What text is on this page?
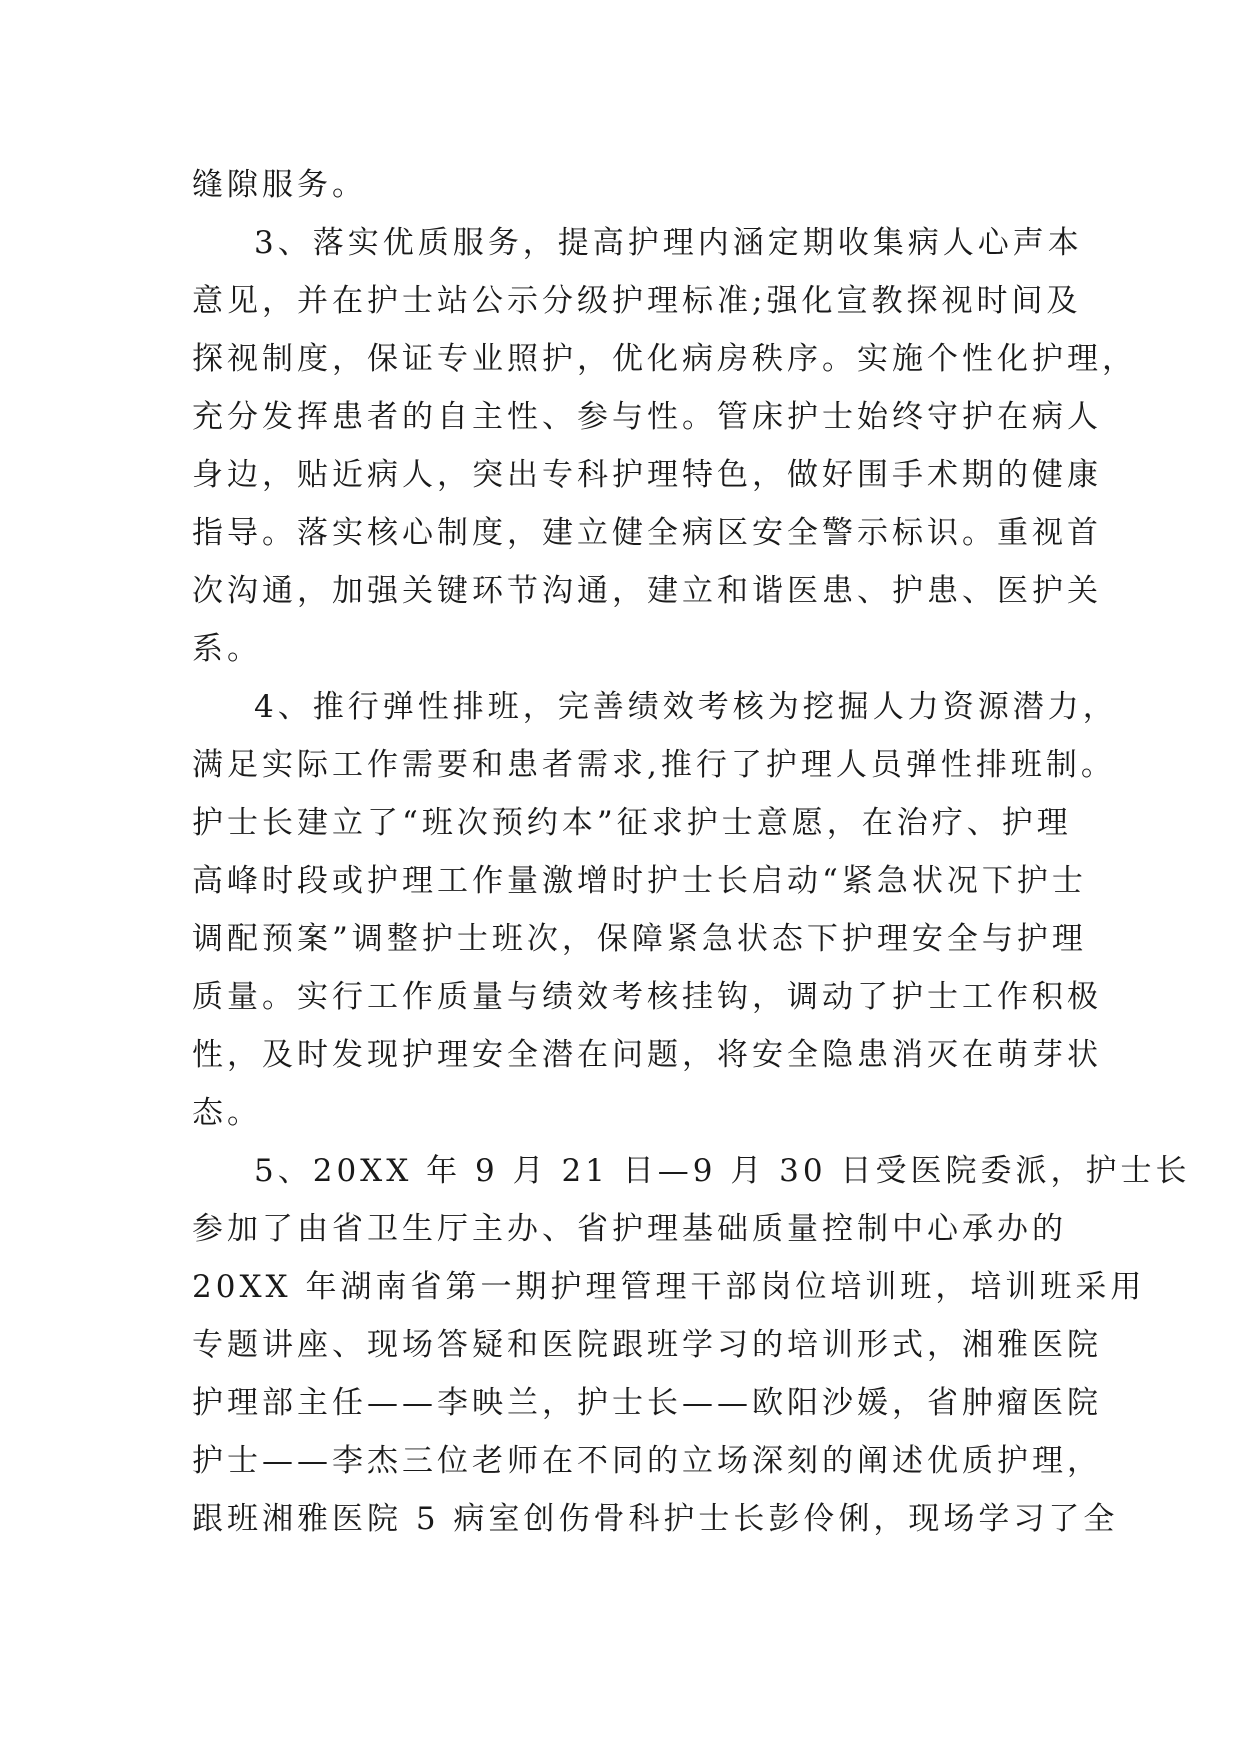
缝隙服务。
3、落实优质服务，提高护理内涵定期收集病人心声本
意见，并在护士站公示分级护理标准;强化宣教探视时间及
探视制度，保证专业照护，优化病房秩序。实施个性化护理，
充分发挥患者的自主性、参与性。管床护士始终守护在病人
身边，贴近病人，突出专科护理特色，做好围手术期的健康
指导。落实核心制度，建立健全病区安全警示标识。重视首
次沟通，加强关键环节沟通，建立和谐医患、护患、医护关
系。
4、推行弹性排班，完善绩效考核为挖掘人力资源潜力，
满足实际工作需要和患者需求,推行了护理人员弹性排班制。
护士长建立了“班次预约本”征求护士意愿，在治疗、护理
高峰时段或护理工作量激增时护士长启动“紧急状况下护士
调配预案”调整护士班次，保障紧急状态下护理安全与护理
质量。实行工作质量与绩效考核挂钩，调动了护士工作积极
性，及时发现护理安全潜在问题，将安全隐患消灭在萌芽状
态。
5、20XX 年 9 月 21 日—9 月 30 日受医院委派，护士长
参加了由省卫生厅主办、省护理基础质量控制中心承办的
20XX 年湖南省第一期护理管理干部岗位培训班，培训班采用
专题讲座、现场答疑和医院跟班学习的培训形式，湘雅医院
护理部主任——李映兰，护士长——欧阳沙媛，省肿瘤医院
护士——李杰三位老师在不同的立场深刻的阐述优质护理，
跟班湘雅医院 5 病室创伤骨科护士长彭伶俐，现场学习了全
